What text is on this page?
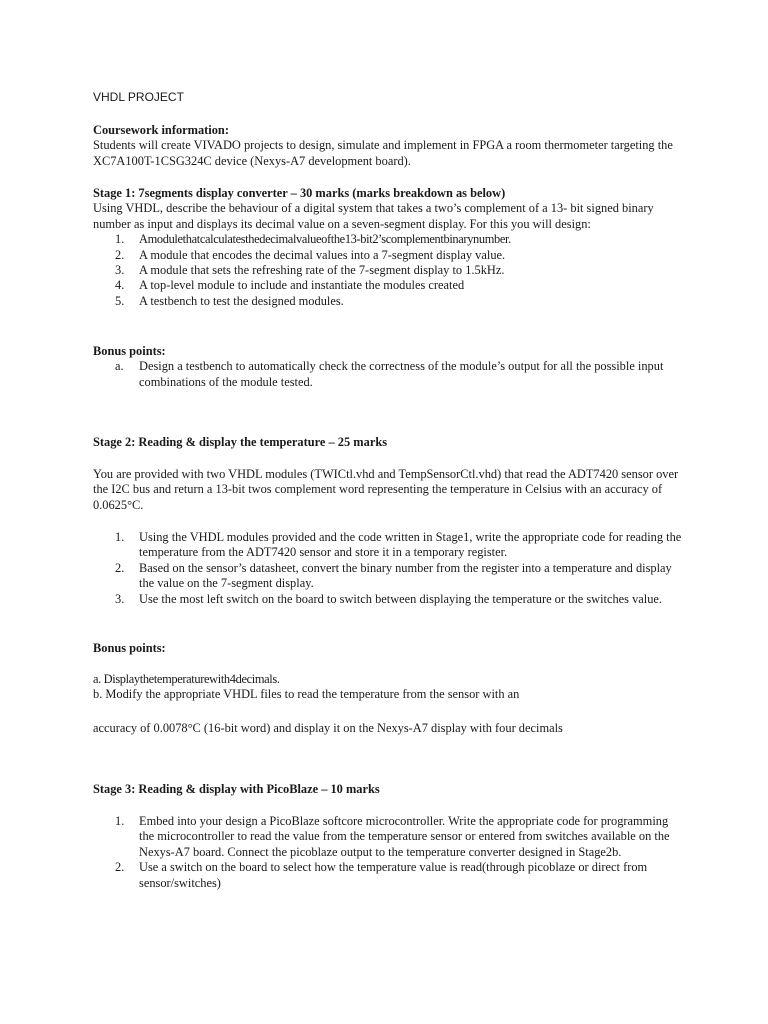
VHDL PROJECT

Coursework information:

Students will create VIVADO projects to design, simulate and implement in FPGA a room thermometer targeting the XC7A100T-1CSG324C device (Nexys-A7 development board).

Stage 1: 7segments display converter – 30 marks (marks breakdown as below)

Using VHDL, describe the behaviour of a digital system that takes a two’s complement of a 13- bit signed binary number as input and displays its decimal value on a seven-segment display. For this you will design:

1. Amodulethatcalculatesthedecimalvalueofthe13-bit2’scomplementbinarynumber.
2. A module that encodes the decimal values into a 7-segment display value.
3. A module that sets the refreshing rate of the 7-segment display to 1.5kHz.
4. A top-level module to include and instantiate the modules created
5. A testbench to test the designed modules.

Bonus points:

a. Design a testbench to automatically check the correctness of the module’s output for all the possible input combinations of the module tested.

Stage 2: Reading & display the temperature – 25 marks

You are provided with two VHDL modules (TWICtl.vhd and TempSensorCtl.vhd) that read the ADT7420 sensor over the I2C bus and return a 13-bit twos complement word representing the temperature in Celsius with an accuracy of 0.0625°C.

1. Using the VHDL modules provided and the code written in Stage1, write the appropriate code for reading the temperature from the ADT7420 sensor and store it in a temporary register.
2. Based on the sensor’s datasheet, convert the binary number from the register into a temperature and display the value on the 7-segment display.
3. Use the most left switch on the board to switch between displaying the temperature or the switches value.

Bonus points:

a. Displaythetemperaturewith4decimals.

b. Modify the appropriate VHDL files to read the temperature from the sensor with an

accuracy of 0.0078°C (16-bit word) and display it on the Nexys-A7 display with four decimals

Stage 3: Reading & display with PicoBlaze – 10 marks

1. Embed into your design a PicoBlaze softcore microcontroller. Write the appropriate code for programming the microcontroller to read the value from the temperature sensor or entered from switches available on the Nexys-A7 board. Connect the picoblaze output to the temperature converter designed in Stage2b.
2. Use a switch on the board to select how the temperature value is read(through picoblaze or direct from sensor/switches)
